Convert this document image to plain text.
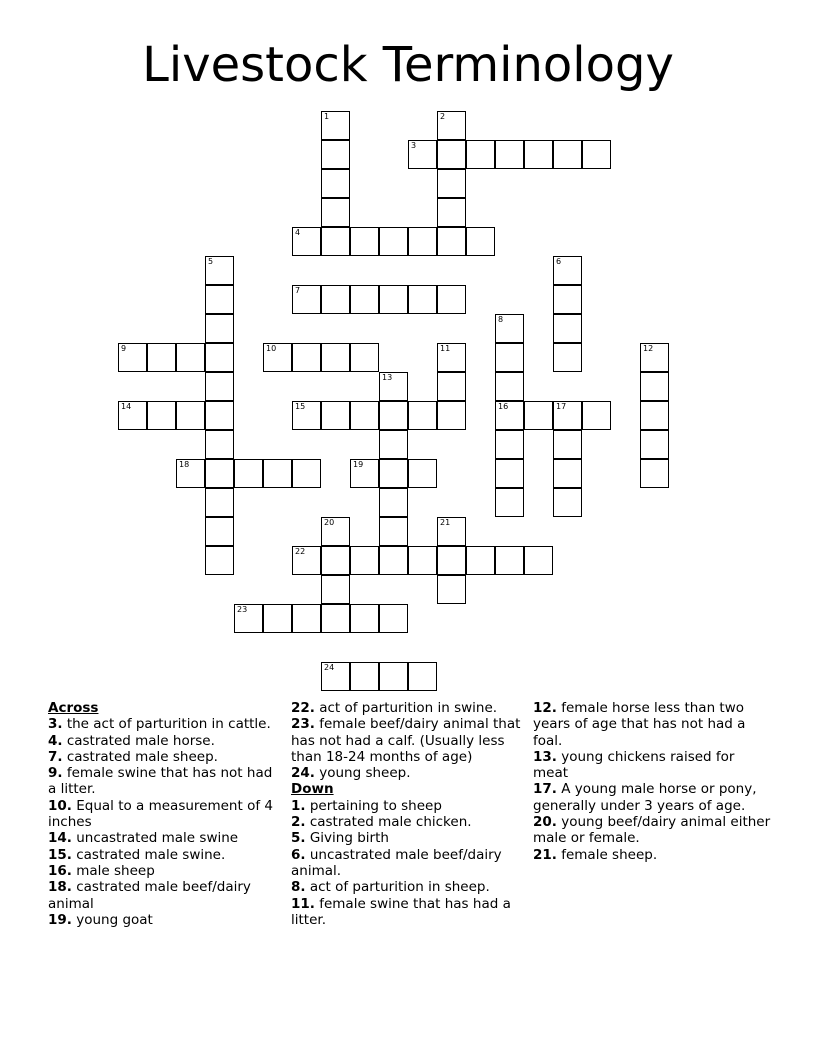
Livestock Terminology
1	2
3
4
5	6
7
8
9	10	11	12
13
14	15	16	17
18	19
20	21
22
23
24
Across
3. the act of parturition in cattle.
4. castrated male horse.
7. castrated male sheep.
9. female swine that has not had a litter.
10. Equal to a measurement of 4 inches
14. uncastrated male swine
15. castrated male swine.
16. male sheep
18. castrated male beef/dairy animal
19. young goat
22. act of parturition in swine.
23. female beef/dairy animal that has not had a calf. (Usually less than 18-24 months of age)
24. young sheep.
Down
1. pertaining to sheep
2. castrated male chicken.
5. Giving birth
6. uncastrated male beef/dairy animal.
8. act of parturition in sheep.
11. female swine that has had a litter.
12. female horse less than two years of age that has not had a foal.
13. young chickens raised for meat
17. A young male horse or pony, generally under 3 years of age.
20. young beef/dairy animal either male or female.
21. female sheep.
